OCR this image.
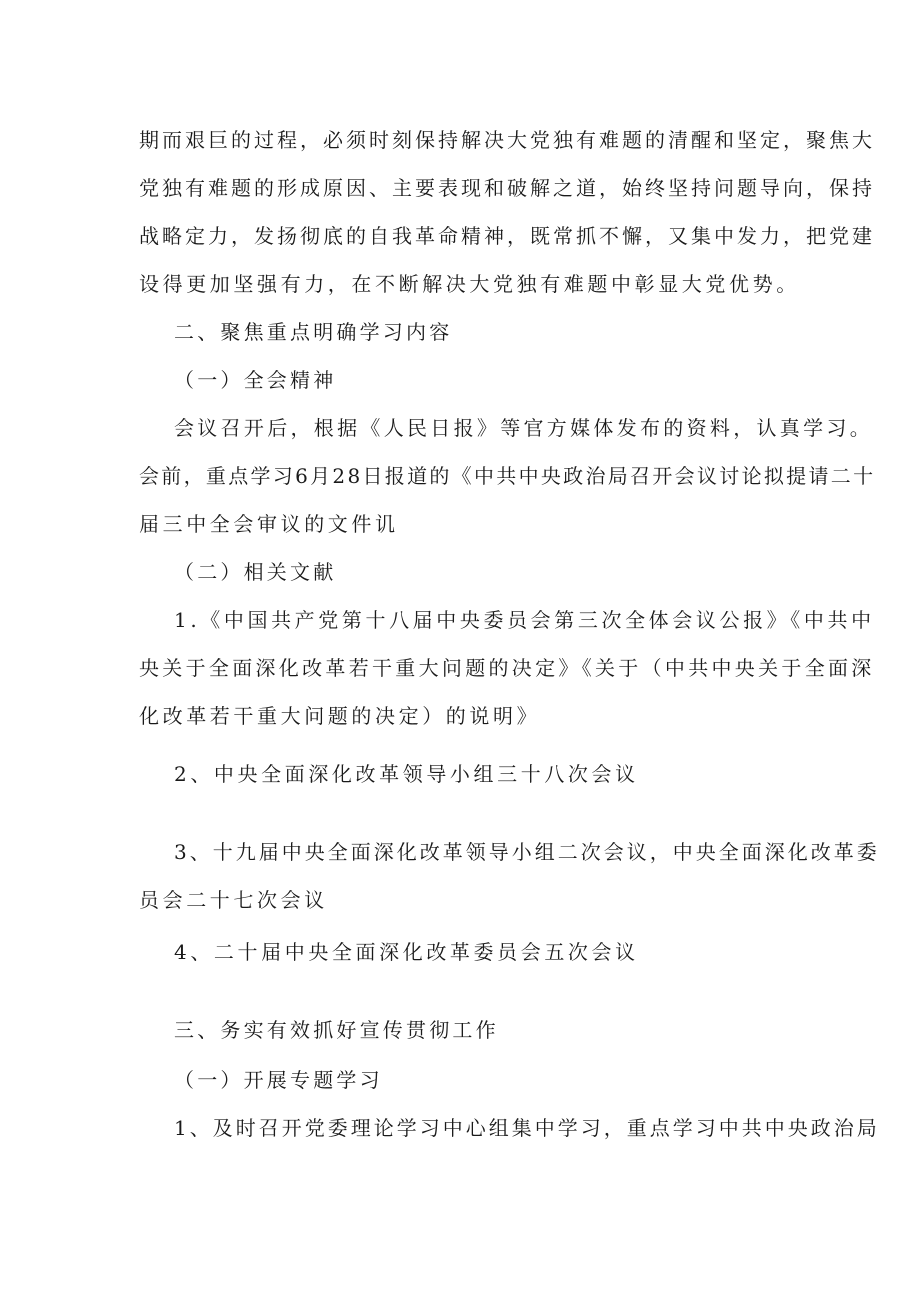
期而艰巨的过程，必须时刻保持解决大党独有难题的清醒和坚定，聚焦大
党独有难题的形成原因、主要表现和破解之道，始终坚持问题导向，保持
战略定力，发扬彻底的自我革命精神，既常抓不懈，又集中发力，把党建
设得更加坚强有力，在不断解决大党独有难题中彰显大党优势。
二、聚焦重点明确学习内容
（一）全会精神
会议召开后，根据《人民日报》等官方媒体发布的资料，认真学习。
会前，重点学习6月28日报道的《中共中央政治局召开会议讨论拟提请二十
届三中全会审议的文件讥
（二）相关文献
1.《中国共产党第十八届中央委员会第三次全体会议公报》《中共中
央关于全面深化改革若干重大问题的决定》《关于（中共中央关于全面深
化改革若干重大问题的决定）的说明》
2、中央全面深化改革领导小组三十八次会议
3、十九届中央全面深化改革领导小组二次会议，中央全面深化改革委
员会二十七次会议
4、二十届中央全面深化改革委员会五次会议
三、务实有效抓好宣传贯彻工作
（一）开展专题学习
1、及时召开党委理论学习中心组集中学习，重点学习中共中央政治局
